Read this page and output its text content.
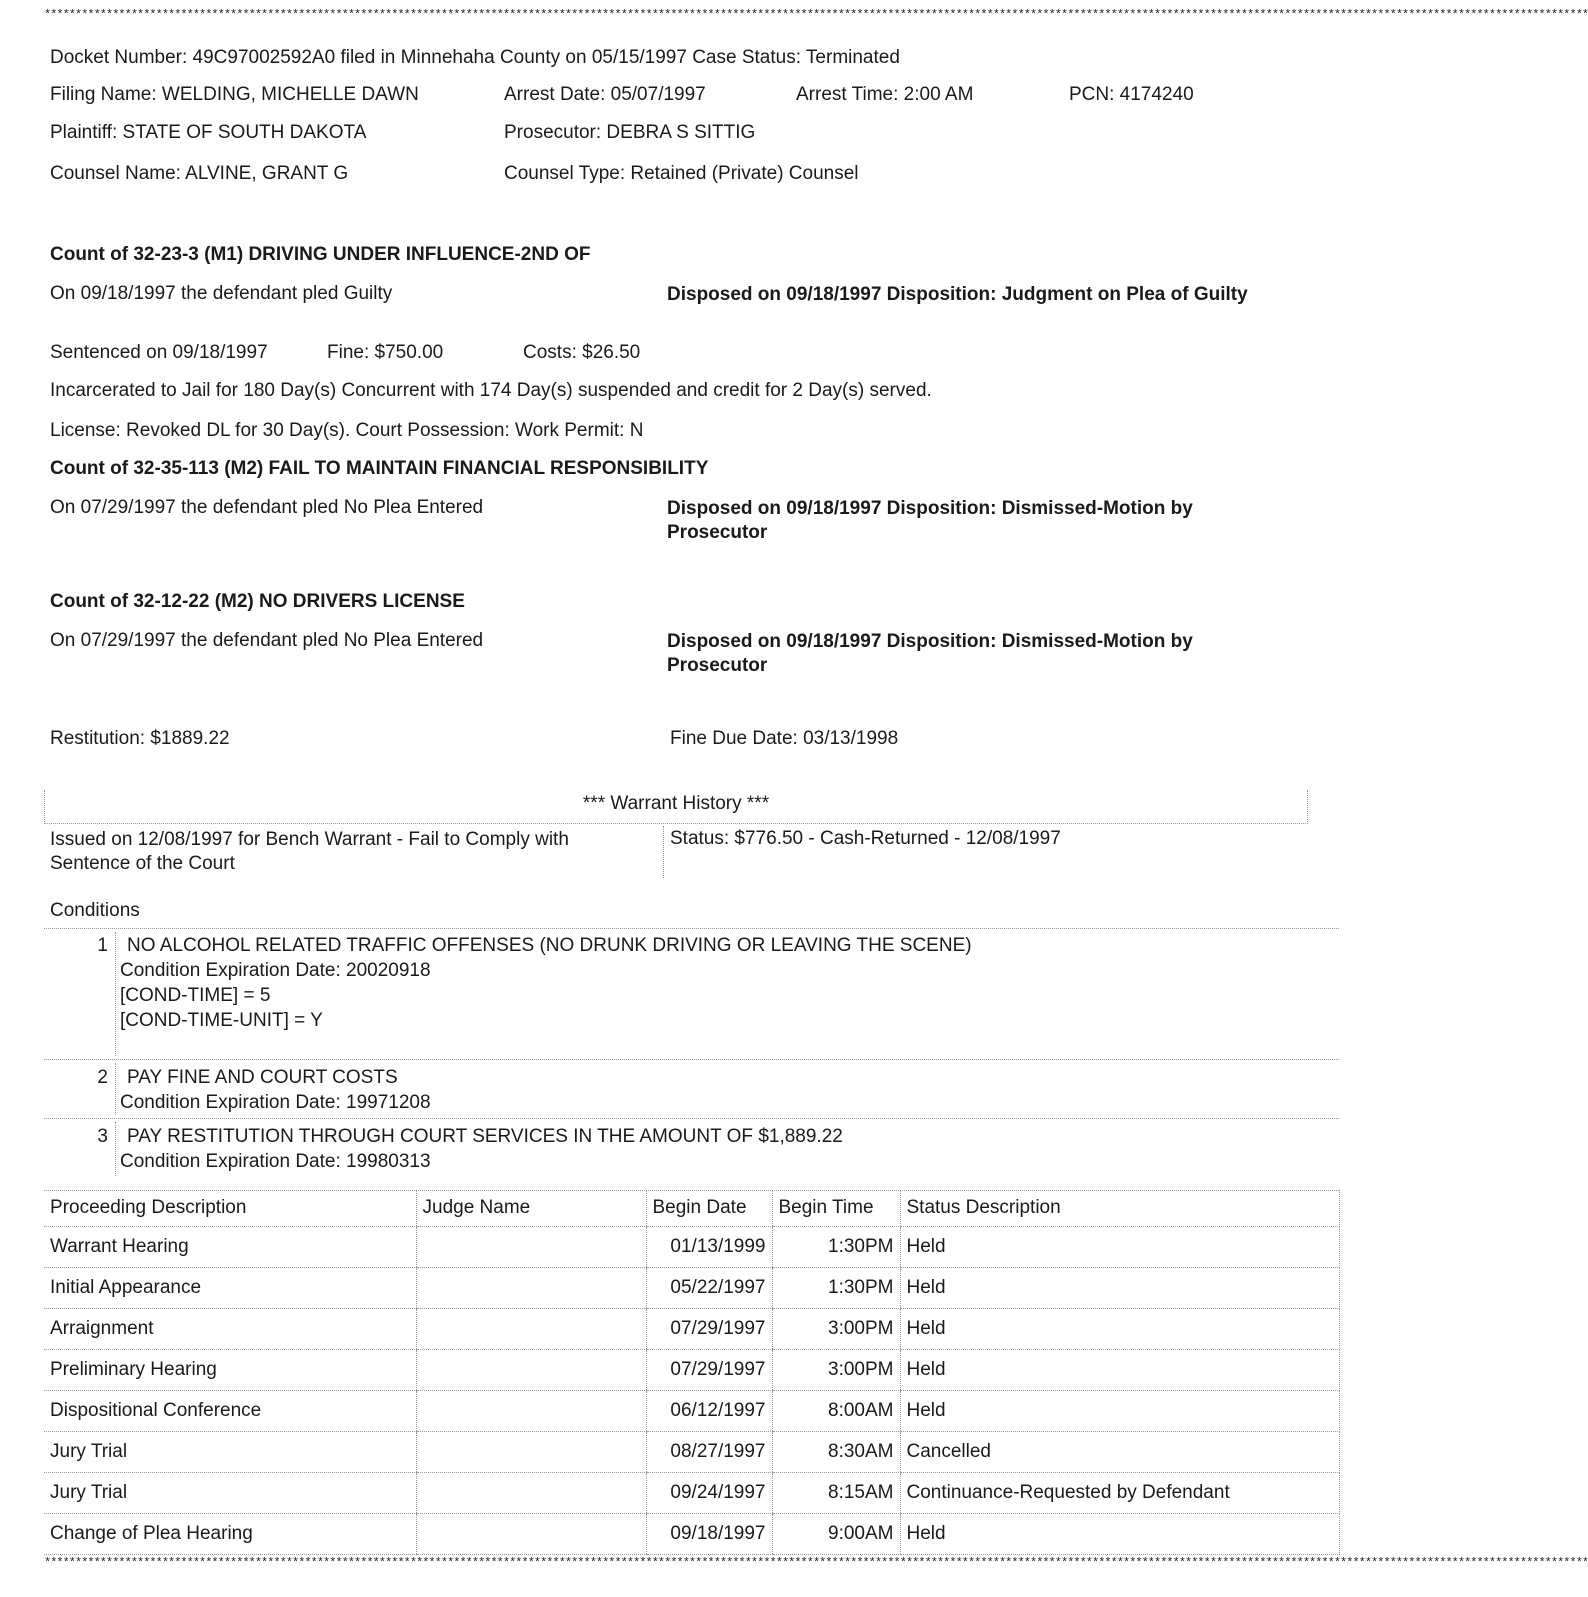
*********************************************************************************************************************************************************************************************************************************************************
Docket Number: 49C97002592A0 filed in Minnehaha County on 05/15/1997 Case Status: Terminated
Filing Name: WELDING, MICHELLE DAWN	Arrest Date: 05/07/1997	Arrest Time: 2:00 AM	PCN: 4174240
Plaintiff: STATE OF SOUTH DAKOTA	Prosecutor: DEBRA S SITTIG
Counsel Name: ALVINE, GRANT G	Counsel Type: Retained (Private) Counsel
Count of 32-23-3 (M1) DRIVING UNDER INFLUENCE-2ND OF
On 09/18/1997 the defendant pled Guilty	Disposed on 09/18/1997 Disposition: Judgment on Plea of Guilty
Sentenced on 09/18/1997	Fine: $750.00	Costs: $26.50
Incarcerated to Jail for 180 Day(s) Concurrent with 174 Day(s) suspended and credit for 2 Day(s) served.
License: Revoked DL for 30 Day(s). Court Possession: Work Permit: N
Count of 32-35-113 (M2) FAIL TO MAINTAIN FINANCIAL RESPONSIBILITY
On 07/29/1997 the defendant pled No Plea Entered	Disposed on 09/18/1997 Disposition: Dismissed-Motion by Prosecutor
Count of 32-12-22 (M2) NO DRIVERS LICENSE
On 07/29/1997 the defendant pled No Plea Entered	Disposed on 09/18/1997 Disposition: Dismissed-Motion by Prosecutor
Restitution: $1889.22	Fine Due Date: 03/13/1998
*** Warrant History ***
Issued on 12/08/1997 for Bench Warrant - Fail to Comply with Sentence of the Court
Status: $776.50 - Cash-Returned - 12/08/1997
Conditions
1	NO ALCOHOL RELATED TRAFFIC OFFENSES (NO DRUNK DRIVING OR LEAVING THE SCENE)
Condition Expiration Date: 20020918
[COND-TIME] = 5
[COND-TIME-UNIT] = Y
2	PAY FINE AND COURT COSTS
Condition Expiration Date: 19971208
3	PAY RESTITUTION THROUGH COURT SERVICES IN THE AMOUNT OF $1,889.22
Condition Expiration Date: 19980313
Proceeding Description	Judge Name	Begin Date	Begin Time	Status Description
Warrant Hearing		01/13/1999	1:30PM	Held
Initial Appearance		05/22/1997	1:30PM	Held
Arraignment		07/29/1997	3:00PM	Held
Preliminary Hearing		07/29/1997	3:00PM	Held
Dispositional Conference		06/12/1997	8:00AM	Held
Jury Trial		08/27/1997	8:30AM	Cancelled
Jury Trial		09/24/1997	8:15AM	Continuance-Requested by Defendant
Change of Plea Hearing		09/18/1997	9:00AM	Held
*********************************************************************************************************************************************************************************************************************************************************
